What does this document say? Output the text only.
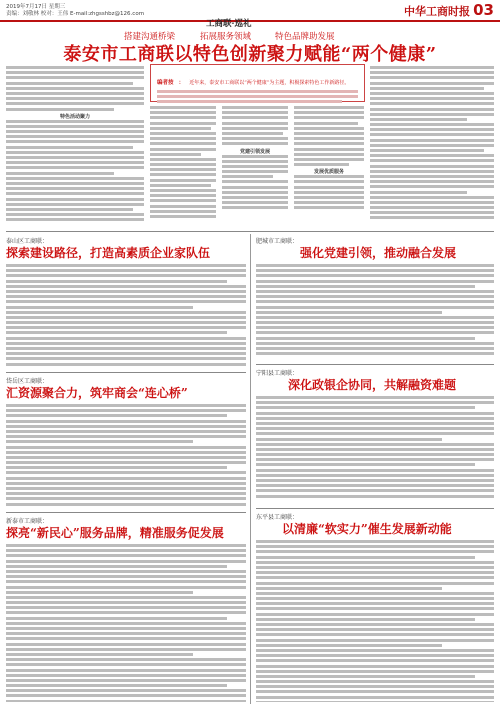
2019年7月17日 星期三
责编：刘敬林 校对：王伟 E-mail:zhgsshbz@126.com	中华工商时报 03
工商联·巡礼
搭建沟通桥梁	拓展服务领域	特色品牌助发展
泰安市工商联以特色创新聚力赋能“两个健康”
特色活动聚力
编者按 ： 近年来，泰安市工商联以“两个健康”为主题，积极探索特色工作新路径。
党建引领发展
发展优质服务
泰山区工商联：
探索建设路径，打造高素质企业家队伍
岱岳区工商联：
汇资源聚合力，筑牢商会“连心桥”
新泰市工商联：
探亮“新民心”服务品牌，精准服务促发展
肥城市工商联：
强化党建引领，推动融合发展
宁阳县工商联：
深化政银企协同，共解融资难题
东平县工商联：
以清廉“软实力”催生发展新动能
